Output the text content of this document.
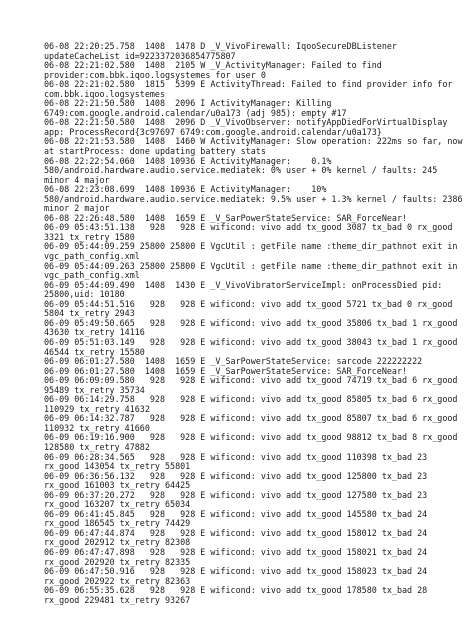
06-08 22:20:25.758  1408  1478 D _V_VivoFirewall: IqooSecureDBListener
updateCacheList id=9223372036854775807
06-08 22:21:02.580  1408  2105 W _V_ActivityManager: Failed to find
provider:com.bbk.iqoo.logsystemes for user 0
06-08 22:21:02.580  1815  5399 E ActivityThread: Failed to find provider info for
com.bbk.iqoo.logsystemes
06-08 22:21:50.580  1408  2096 I ActivityManager: Killing
6749:com.google.android.calendar/u0a173 (adj 985): empty #17
06-08 22:21:50.580  1408  2096 D _V_VivoObserver: notifyAppDiedForVirtualDisplay
app: ProcessRecord{3c97697 6749:com.google.android.calendar/u0a173}
06-08 22:21:53.580  1408  1460 W ActivityManager: Slow operation: 222ms so far, now
at startProcess: done updating battery stats
06-08 22:22:54.060  1408 10936 E ActivityManager:    0.1%
580/android.hardware.audio.service.mediatek: 0% user + 0% kernel / faults: 245
minor 4 major
06-08 22:23:08.699  1408 10936 E ActivityManager:    10%
580/android.hardware.audio.service.mediatek: 9.5% user + 1.3% kernel / faults: 2386
minor 2 major
06-08 22:26:48.580  1408  1659 E _V_SarPowerStateService: SAR_ForceNear!
06-09 05:43:51.138   928   928 E wificond: vivo add tx_good 3087 tx_bad 0 rx_good
3321 tx_retry 1580
06-09 05:44:09.259 25800 25800 E VgcUtil : getFile name :theme_dir_pathnot exit in
vgc_path_config.xml
06-09 05:44:09.263 25800 25800 E VgcUtil : getFile name :theme_dir_pathnot exit in
vgc_path_config.xml
06-09 05:44:09.490  1408  1430 E _V_VivoVibratorServiceImpl: onProcessDied pid:
25800,uid: 10180
06-09 05:44:51.516   928   928 E wificond: vivo add tx_good 5721 tx_bad 0 rx_good
5804 tx_retry 2943
06-09 05:49:50.665   928   928 E wificond: vivo add tx_good 35806 tx_bad 1 rx_good
43630 tx_retry 14116
06-09 05:51:03.149   928   928 E wificond: vivo add tx_good 38043 tx_bad 1 rx_good
46544 tx_retry 15580
06-09 06:01:27.580  1408  1659 E _V_SarPowerStateService: sarcode 222222222
06-09 06:01:27.580  1408  1659 E _V_SarPowerStateService: SAR_ForceNear!
06-09 06:09:09.580   928   928 E wificond: vivo add tx_good 74719 tx_bad 6 rx_good
95489 tx_retry 35734
06-09 06:14:29.758   928   928 E wificond: vivo add tx_good 85805 tx_bad 6 rx_good
110929 tx_retry 41632
06-09 06:14:32.787   928   928 E wificond: vivo add tx_good 85807 tx_bad 6 rx_good
110932 tx_retry 41660
06-09 06:19:16.900   928   928 E wificond: vivo add tx_good 98812 tx_bad 8 rx_good
128580 tx_retry 47882
06-09 06:28:34.565   928   928 E wificond: vivo add tx_good 110398 tx_bad 23
rx_good 143054 tx_retry 55801
06-09 06:36:56.132   928   928 E wificond: vivo add tx_good 125800 tx_bad 23
rx_good 161003 tx_retry 64425
06-09 06:37:20.272   928   928 E wificond: vivo add tx_good 127580 tx_bad 23
rx_good 163207 tx_retry 65034
06-09 06:41:45.845   928   928 E wificond: vivo add tx_good 145580 tx_bad 24
rx_good 186545 tx_retry 74429
06-09 06:47:44.874   928   928 E wificond: vivo add tx_good 158012 tx_bad 24
rx_good 202912 tx_retry 82308
06-09 06:47:47.898   928   928 E wificond: vivo add tx_good 158021 tx_bad 24
rx_good 202920 tx_retry 82335
06-09 06:47:50.916   928   928 E wificond: vivo add tx_good 158023 tx_bad 24
rx_good 202922 tx_retry 82363
06-09 06:55:35.628   928   928 E wificond: vivo add tx_good 178580 tx_bad 28
rx_good 229481 tx_retry 93267
